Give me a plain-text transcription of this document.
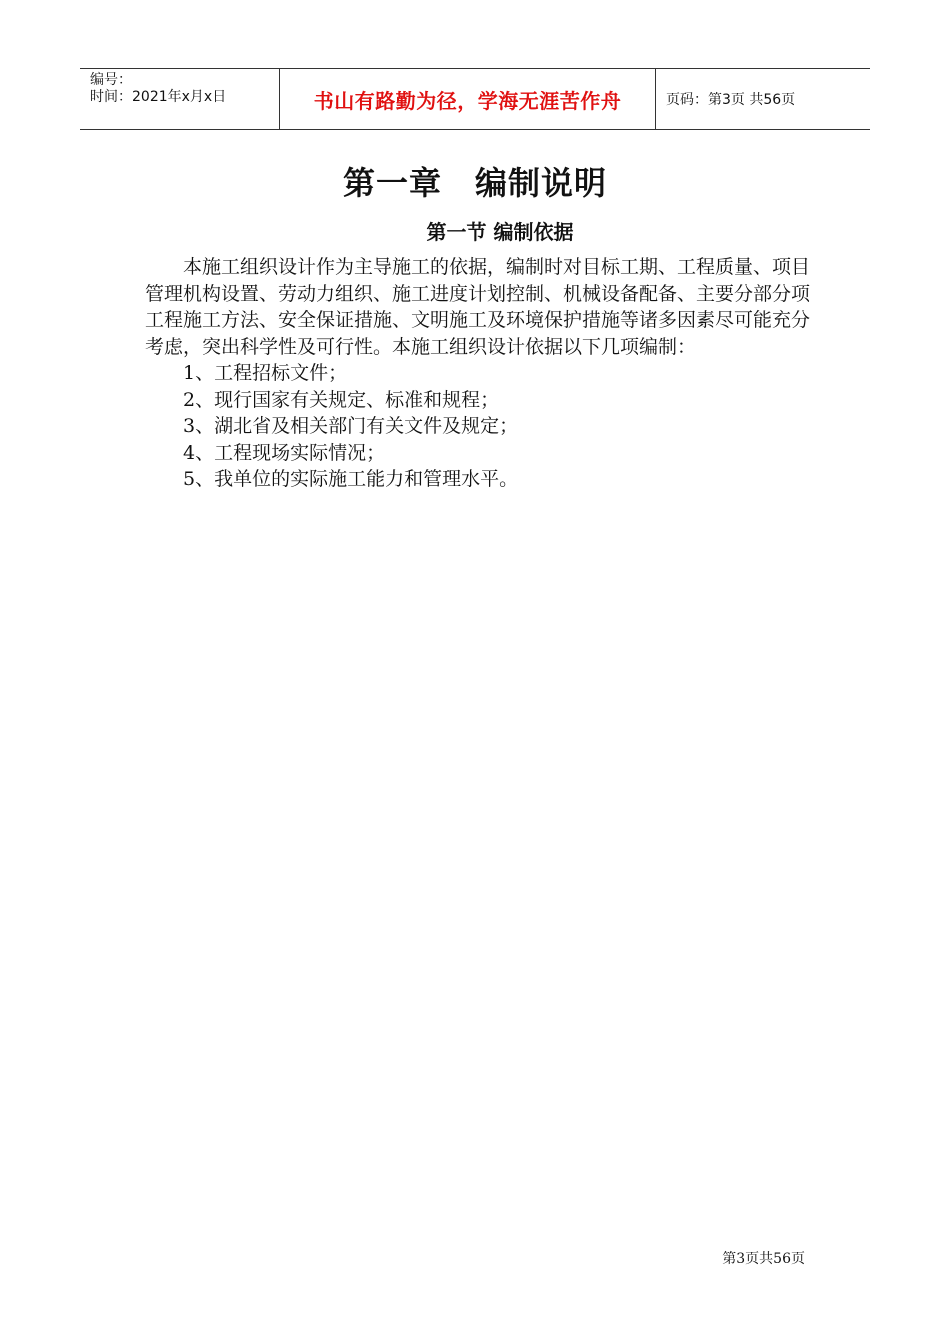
编号：
时间：2021年x月x日	书山有路勤为径，学海无涯苦作舟	页码：第3页 共56页
第一章　编制说明
第一节 编制依据

本施工组织设计作为主导施工的依据，编制时对目标工期、工程质量、项目管理机构设置、劳动力组织、施工进度计划控制、机械设备配备、主要分部分项工程施工方法、安全保证措施、文明施工及环境保护措施等诸多因素尽可能充分考虑，突出科学性及可行性。本施工组织设计依据以下几项编制：

1、工程招标文件；

2、现行国家有关规定、标准和规程；

3、湖北省及相关部门有关文件及规定；

4、工程现场实际情况；

5、我单位的实际施工能力和管理水平。

第3页共56页
